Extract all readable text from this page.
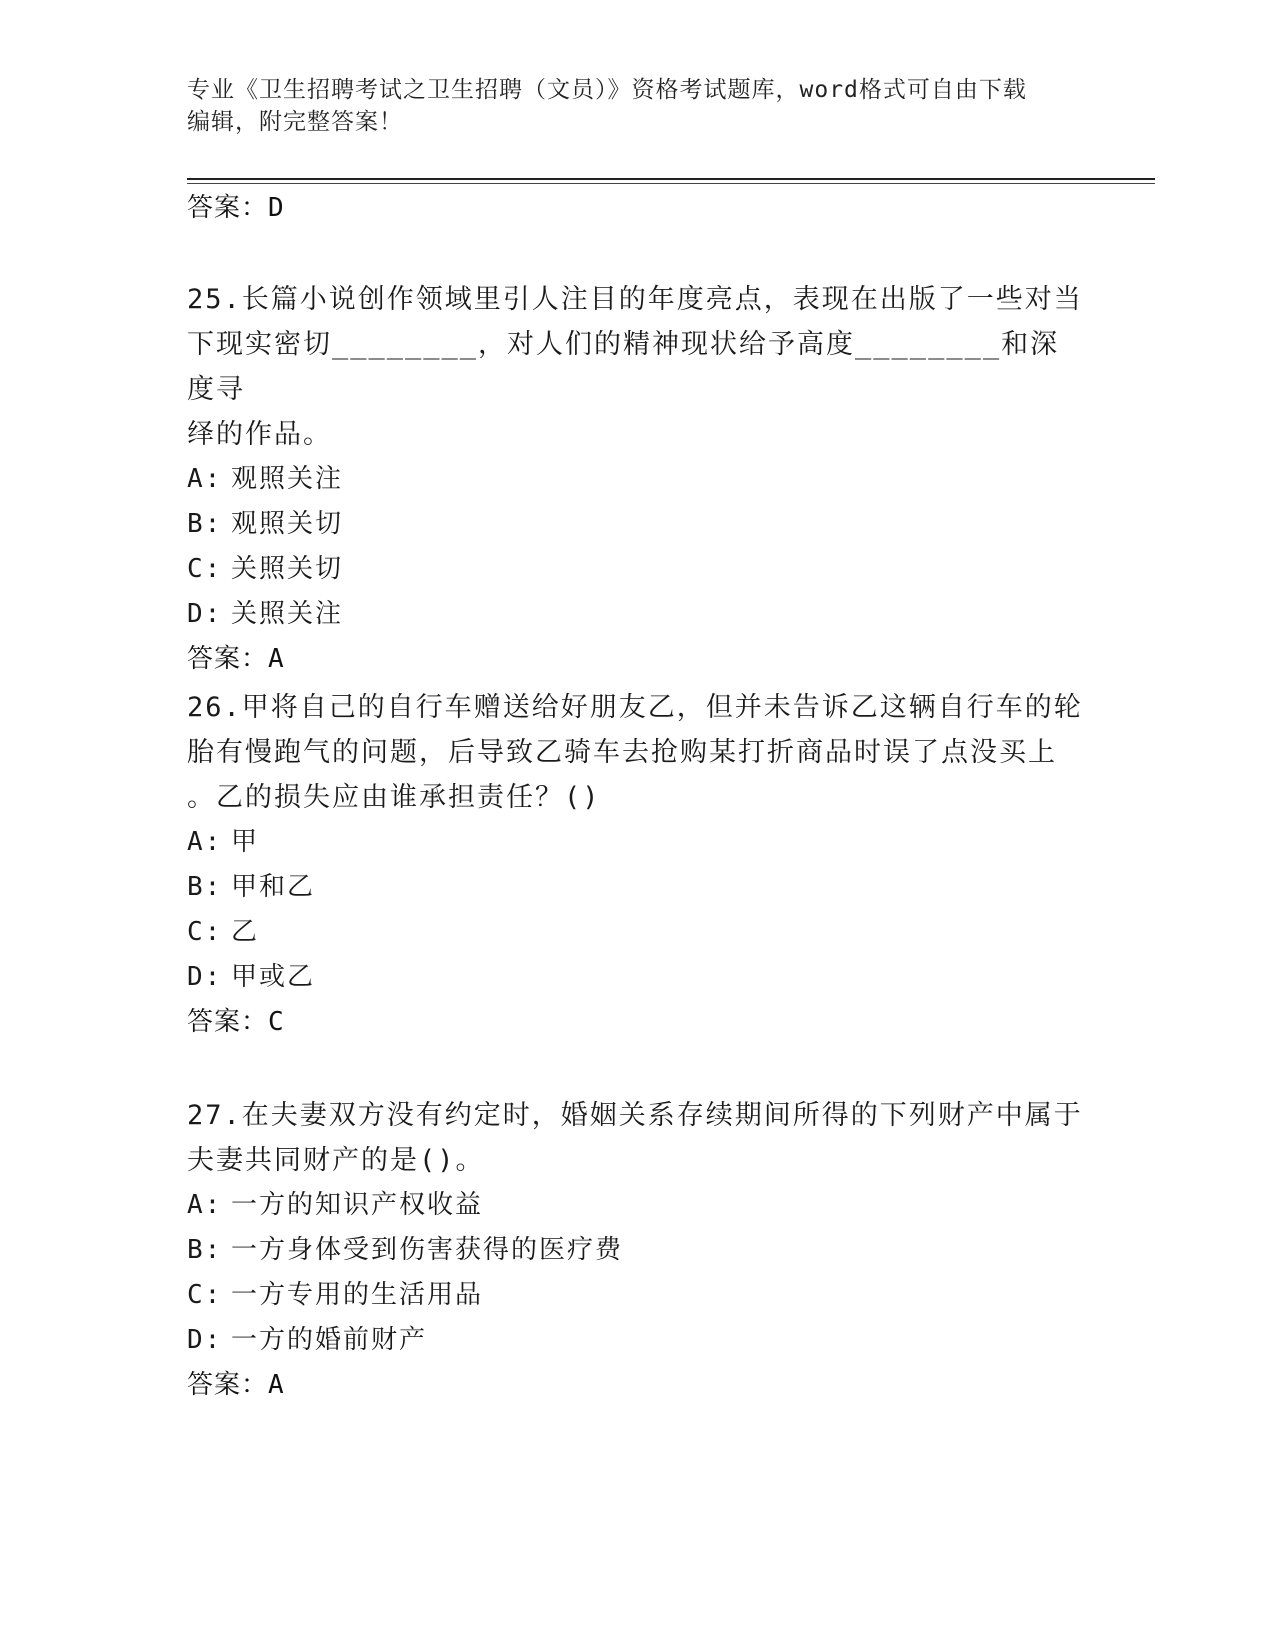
专业《卫生招聘考试之卫生招聘（文员）》资格考试题库，word格式可自由下载
编辑，附完整答案！
答案：D

25.长篇小说创作领域里引人注目的年度亮点，表现在出版了一些对当

下现实密切________，对人们的精神现状给予高度________和深度寻

绎的作品。

A: 观照关注

B: 观照关切

C: 关照关切

D: 关照关注

答案：A

26.甲将自己的自行车赠送给好朋友乙，但并未告诉乙这辆自行车的轮

胎有慢跑气的问题，后导致乙骑车去抢购某打折商品时误了点没买上

。乙的损失应由谁承担责任？()

A: 甲

B: 甲和乙

C: 乙

D: 甲或乙

答案：C

27.在夫妻双方没有约定时，婚姻关系存续期间所得的下列财产中属于

夫妻共同财产的是()。

A: 一方的知识产权收益

B: 一方身体受到伤害获得的医疗费

C: 一方专用的生活用品

D: 一方的婚前财产

答案：A
